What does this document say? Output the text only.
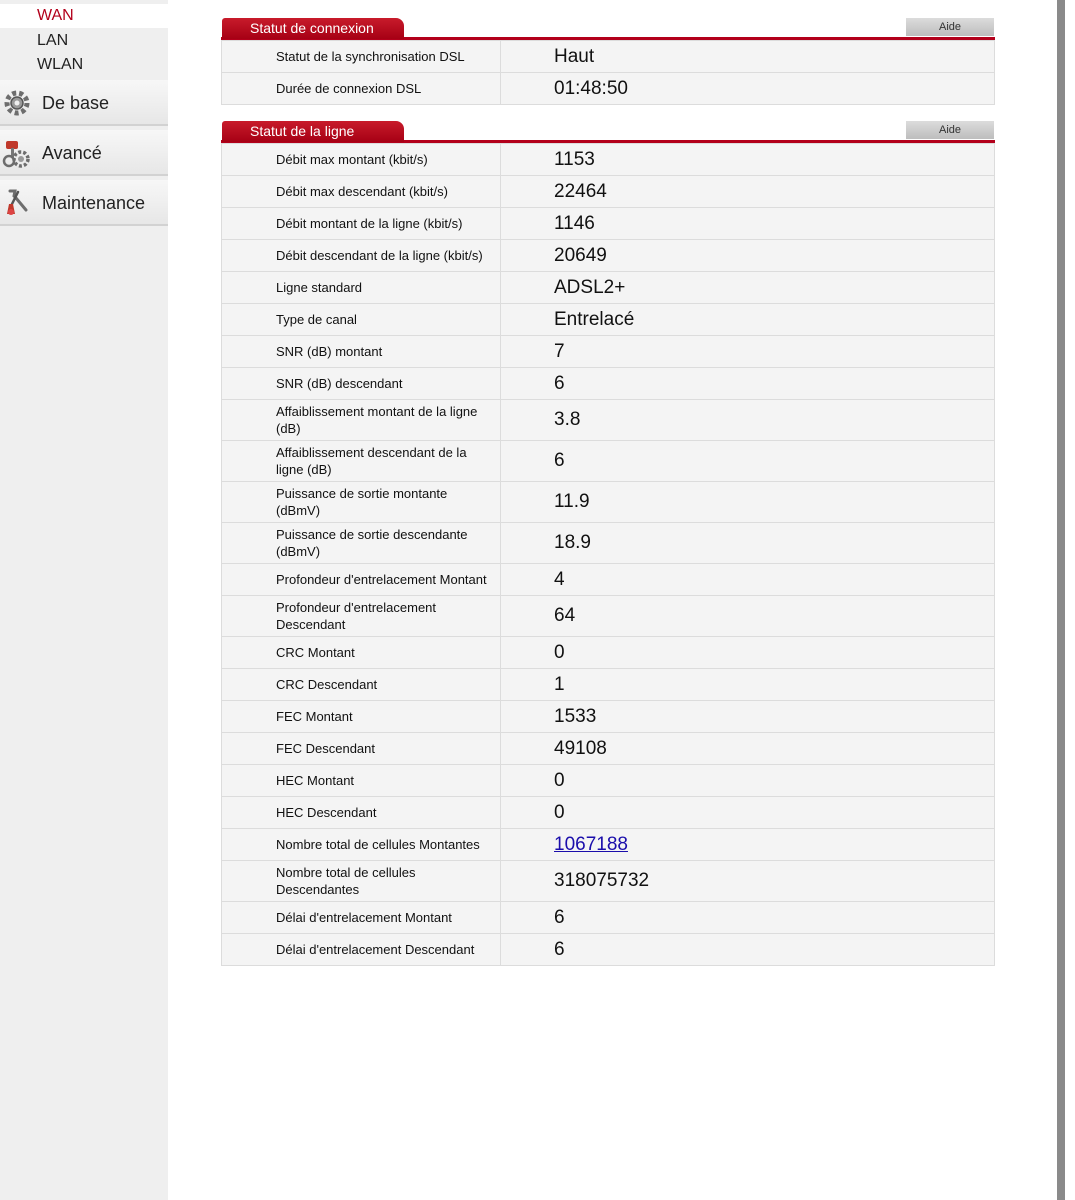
WAN
LAN
WLAN
De base
Avancé
Maintenance
Statut de connexion	Aide
Statut de la synchronisation DSL	Haut
Durée de connexion DSL	01:48:50
Statut de la ligne	Aide
Débit max montant (kbit/s)	1153
Débit max descendant (kbit/s)	22464
Débit montant de la ligne (kbit/s)	1146
Débit descendant de la ligne (kbit/s)	20649
Ligne standard	ADSL2+
Type de canal	Entrelacé
SNR (dB) montant	7
SNR (dB) descendant	6
Affaiblissement montant de la ligne (dB)	3.8
Affaiblissement descendant de la ligne (dB)	6
Puissance de sortie montante (dBmV)	11.9
Puissance de sortie descendante (dBmV)	18.9
Profondeur d'entrelacement Montant	4
Profondeur d'entrelacement Descendant	64
CRC Montant	0
CRC Descendant	1
FEC Montant	1533
FEC Descendant	49108
HEC Montant	0
HEC Descendant	0
Nombre total de cellules Montantes	1067188
Nombre total de cellules Descendantes	318075732
Délai d'entrelacement Montant	6
Délai d'entrelacement Descendant	6
